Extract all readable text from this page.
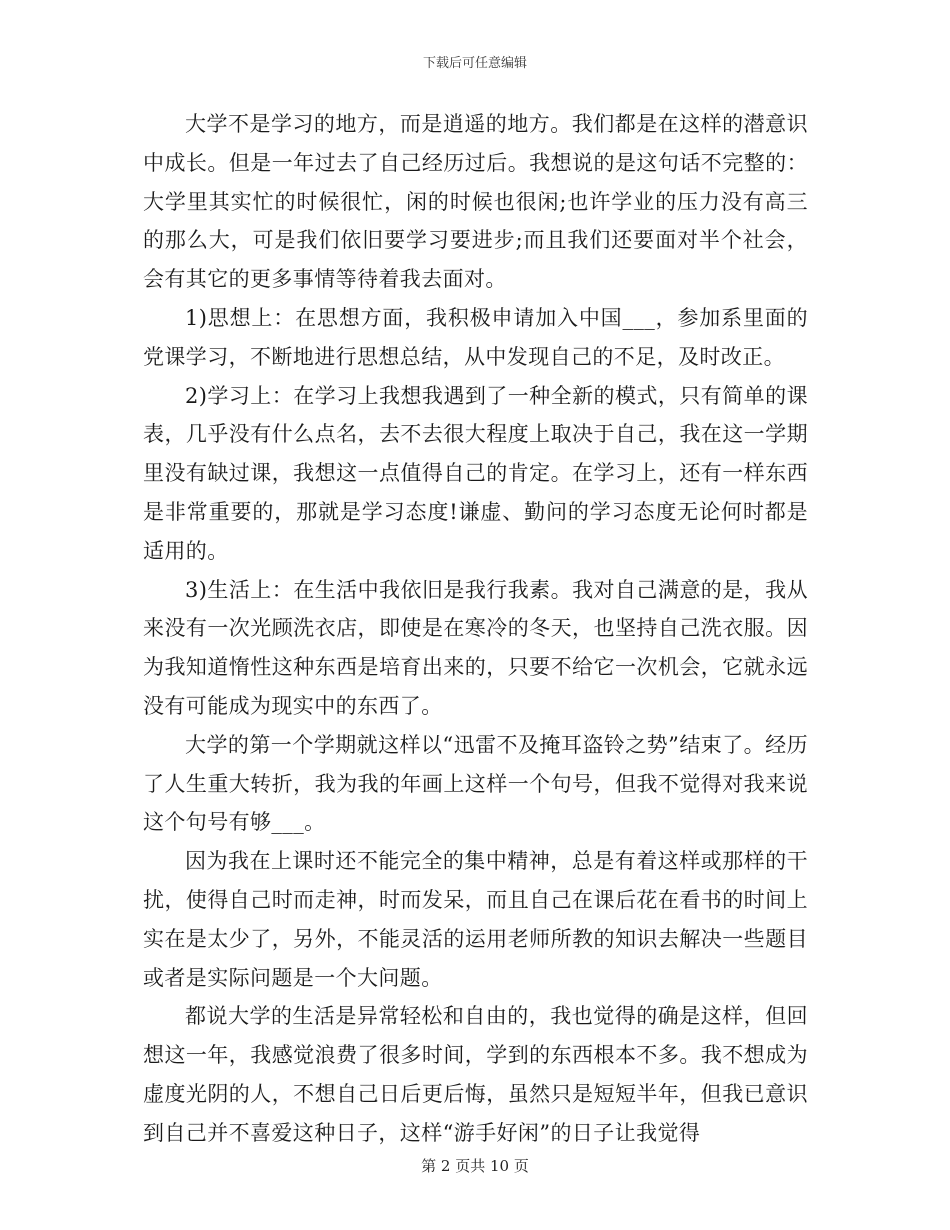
下载后可任意编辑

大学不是学习的地方，而是逍遥的地方。我们都是在这样的潜意识中成长。但是一年过去了自己经历过后。我想说的是这句话不完整的：大学里其实忙的时候很忙，闲的时候也很闲;也许学业的压力没有高三的那么大，可是我们依旧要学习要进步;而且我们还要面对半个社会，会有其它的更多事情等待着我去面对。

1)思想上：在思想方面，我积极申请加入中国___，参加系里面的党课学习，不断地进行思想总结，从中发现自己的不足，及时改正。

2)学习上：在学习上我想我遇到了一种全新的模式，只有简单的课表，几乎没有什么点名，去不去很大程度上取决于自己，我在这一学期里没有缺过课，我想这一点值得自己的肯定。在学习上，还有一样东西是非常重要的，那就是学习态度!谦虚、勤问的学习态度无论何时都是适用的。

3)生活上：在生活中我依旧是我行我素。我对自己满意的是，我从来没有一次光顾洗衣店，即使是在寒冷的冬天，也坚持自己洗衣服。因为我知道惰性这种东西是培育出来的，只要不给它一次机会，它就永远没有可能成为现实中的东西了。

大学的第一个学期就这样以“迅雷不及掩耳盗铃之势”结束了。经历了人生重大转折，我为我的年画上这样一个句号，但我不觉得对我来说这个句号有够___。

因为我在上课时还不能完全的集中精神，总是有着这样或那样的干扰，使得自己时而走神，时而发呆，而且自己在课后花在看书的时间上实在是太少了，另外，不能灵活的运用老师所教的知识去解决一些题目或者是实际问题是一个大问题。

都说大学的生活是异常轻松和自由的，我也觉得的确是这样，但回想这一年，我感觉浪费了很多时间，学到的东西根本不多。我不想成为虚度光阴的人，不想自己日后更后悔，虽然只是短短半年，但我已意识到自己并不喜爱这种日子，这样“游手好闲”的日子让我觉得

第 2 页共 10 页
